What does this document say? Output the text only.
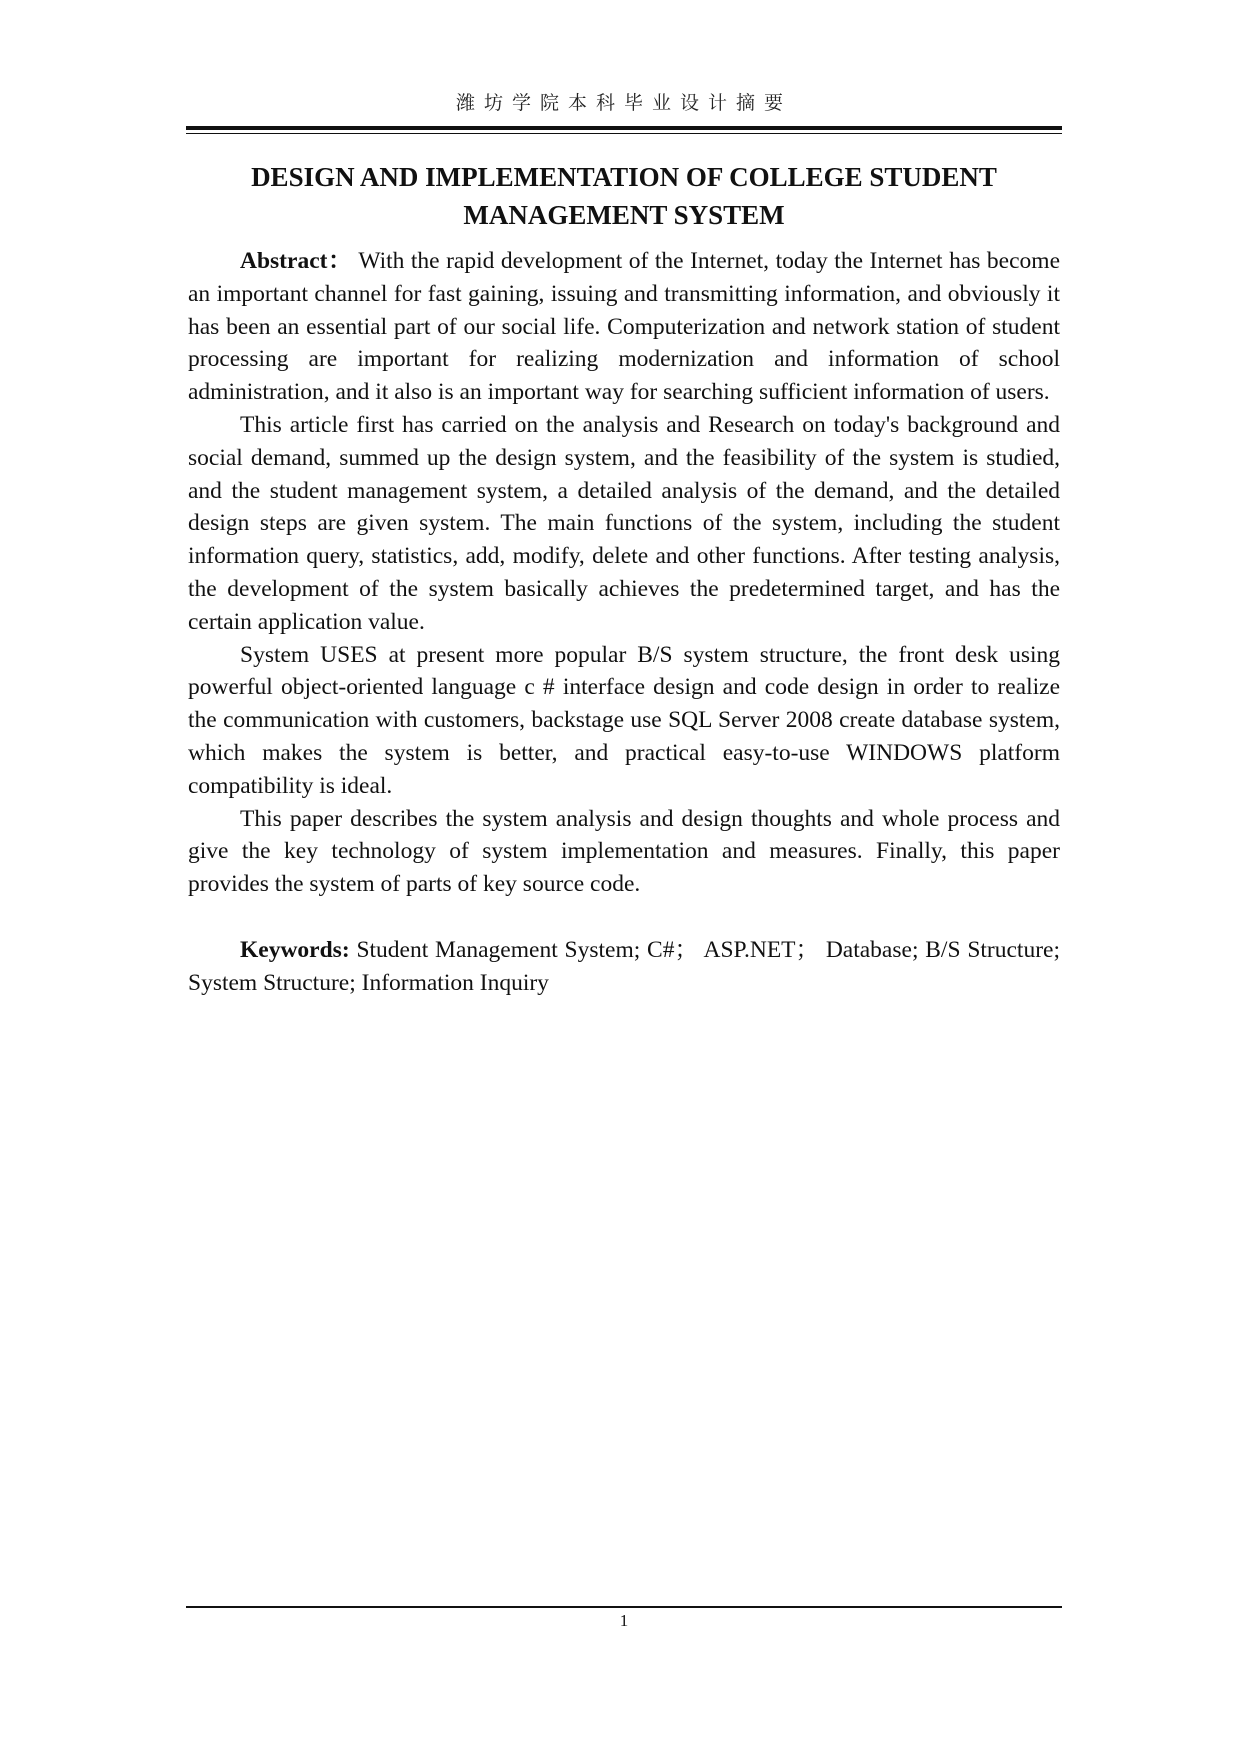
潍坊学院本科毕业设计摘要
DESIGN AND IMPLEMENTATION OF COLLEGE STUDENT
MANAGEMENT SYSTEM

Abstract： With the rapid development of the Internet, today the Internet has become an important channel for fast gaining, issuing and transmitting information, and obviously it has been an essential part of our social life. Computerization and network station of student processing are important for realizing modernization and information of school administration, and it also is an important way for searching sufficient information of users.

This article first has carried on the analysis and Research on today's background and social demand, summed up the design system, and the feasibility of the system is studied, and the student management system, a detailed analysis of the demand, and the detailed design steps are given system. The main functions of the system, including the student information query, statistics, add, modify, delete and other functions. After testing analysis, the development of the system basically achieves the predetermined target, and has the certain application value.

System USES at present more popular B/S system structure, the front desk using powerful object-oriented language c # interface design and code design in order to realize the communication with customers, backstage use SQL Server 2008 create database system, which makes the system is better, and practical easy-to-use WINDOWS platform compatibility is ideal.

This paper describes the system analysis and design thoughts and whole process and give the key technology of system implementation and measures. Finally, this paper provides the system of parts of key source code.

Keywords: Student Management System; C#； ASP.NET； Database; B/S Structure; System Structure; Information Inquiry

1
